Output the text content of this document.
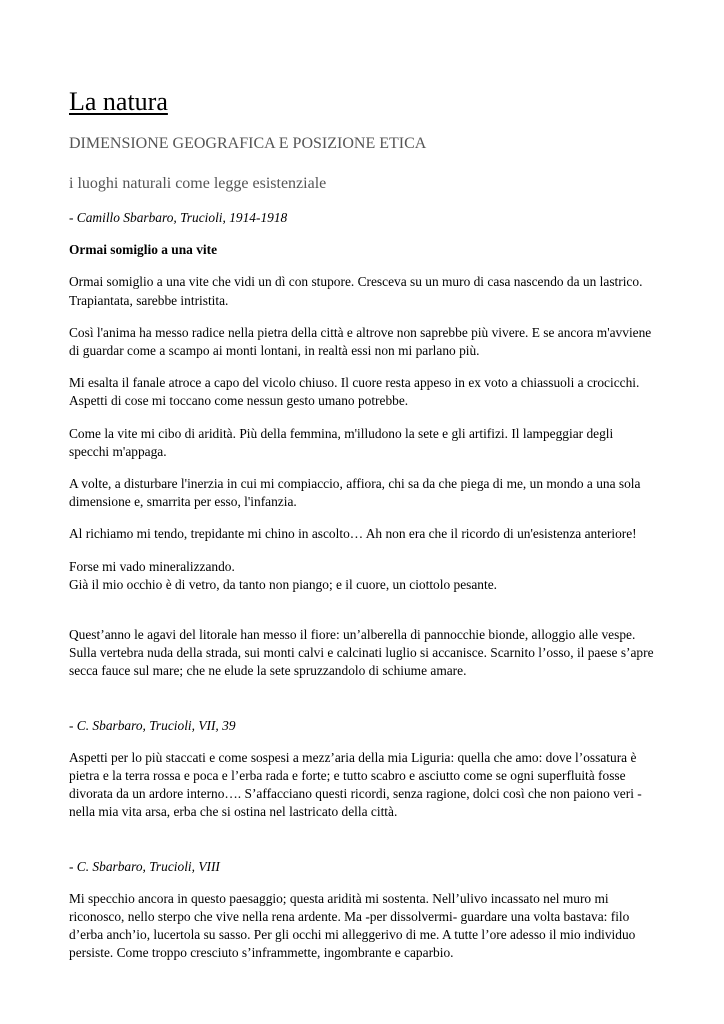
La natura
DIMENSIONE GEOGRAFICA E POSIZIONE ETICA
i luoghi naturali come legge esistenziale

- Camillo Sbarbaro, Trucioli, 1914-1918

Ormai somiglio a una vite

Ormai somiglio a una vite che vidi un dì con stupore. Cresceva su un muro di casa nascendo da un lastrico.
Trapiantata, sarebbe intristita.

Così l'anima ha messo radice nella pietra della città e altrove non saprebbe più vivere. E se ancora m'avviene
di guardar come a scampo ai monti lontani, in realtà essi non mi parlano più.

Mi esalta il fanale atroce a capo del vicolo chiuso. Il cuore resta appeso in ex voto a chiassuoli a crocicchi.
Aspetti di cose mi toccano come nessun gesto umano potrebbe.

Come la vite mi cibo di aridità. Più della femmina, m'illudono la sete e gli artifizi. Il lampeggiar degli
specchi m'appaga.

A volte, a disturbare l'inerzia in cui mi compiaccio, affiora, chi sa da che piega di me, un mondo a una sola
dimensione e, smarrita per esso, l'infanzia.

Al richiamo mi tendo, trepidante mi chino in ascolto… Ah non era che il ricordo di un'esistenza anteriore!

Forse mi vado mineralizzando.
Già il mio occhio è di vetro, da tanto non piango; e il cuore, un ciottolo pesante.

Quest’anno le agavi del litorale han messo il fiore: un’alberella di pannocchie bionde, alloggio alle vespe.
Sulla vertebra nuda della strada, sui monti calvi e calcinati luglio si accanisce. Scarnito l’osso, il paese s’apre
secca fauce sul mare; che ne elude la sete spruzzandolo di schiume amare.

- C. Sbarbaro, Trucioli, VII, 39

Aspetti per lo più staccati e come sospesi a mezz’aria della mia Liguria: quella che amo: dove l’ossatura è
pietra e la terra rossa e poca e l’erba rada e forte; e tutto scabro e asciutto come se ogni superfluità fosse
divorata da un ardore interno…. S’affacciano questi ricordi, senza ragione, dolci così che non paiono veri -
nella mia vita arsa, erba che si ostina nel lastricato della città.

- C. Sbarbaro, Trucioli, VIII

Mi specchio ancora in questo paesaggio; questa aridità mi sostenta. Nell’ulivo incassato nel muro mi
riconosco, nello sterpo che vive nella rena ardente. Ma -per dissolvermi- guardare una volta bastava: filo
d’erba anch’io, lucertola su sasso. Per gli occhi mi alleggerivo di me. A tutte l’ore adesso il mio individuo
persiste. Come troppo cresciuto s’inframmette, ingombrante e caparbio.
